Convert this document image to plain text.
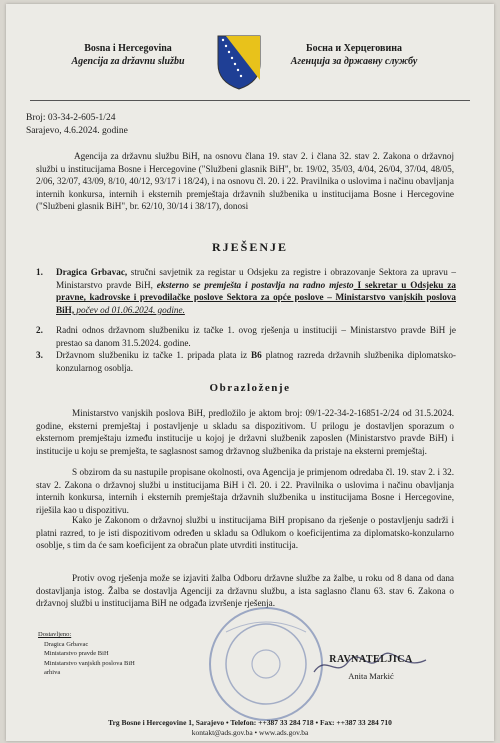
Bosna i Hercegovina
Agencija za državnu službu
Босна и Херцеговина
Агенција за државну службу
Broj: 03-34-2-605-1/24
Sarajevo, 4.6.2024. godine
Agencija za državnu službu BiH, na osnovu člana 19. stav 2. i člana 32. stav 2. Zakona o državnoj službi u institucijama Bosne i Hercegovine ("Službeni glasnik BiH", br. 19/02, 35/03, 4/04, 26/04, 37/04, 48/05, 2/06, 32/07, 43/09, 8/10, 40/12, 93/17 i 18/24), i na osnovu čl. 20. i 22. Pravilnika o uslovima i načinu obavljanja internih konkursa, internih i eksternih premještaja državnih službenika u institucijama Bosne i Hercegovine ("Službeni glasnik BiH", br. 62/10, 30/14 i 38/17), donosi
RJEŠENJE
1. Dragica Grbavac, stručni savjetnik za registar u Odsjeku za registre i obrazovanje Sektora za upravu – Ministarstvo pravde BiH, eksterno se premješta i postavlja na radno mjesto I sekretar u Odsjeku za pravne, kadrovske i prevodilačke poslove Sektora za opće poslove – Ministarstvo vanjskih poslova BiH, počev od 01.06.2024. godine.
2. Radni odnos državnom službeniku iz tačke 1. ovog rješenja u instituciji – Ministarstvo pravde BiH je prestao sa danom 31.5.2024. godine.
3. Državnom službeniku iz tačke 1. pripada plata iz B6 platnog razreda državnih službenika diplomatsko-konzularnog osoblja.
Obrazloženje
Ministarstvo vanjskih poslova BiH, predložilo je aktom broj: 09/1-22-34-2-16851-2/24 od 31.5.2024. godine, eksterni premještaj i postavljenje u skladu sa dispozitivom. U prilogu je dostavljen sporazum o eksternom premještaju između institucije u kojoj je državni službenik zaposlen (Ministarstvo pravde BiH) i institucije u koju se premješta, te saglasnost samog državnog službenika da pristaje na eksterni premještaj.
S obzirom da su nastupile propisane okolnosti, ova Agencija je primjenom odredaba čl. 19. stav 2. i 32. stav 2. Zakona o državnoj službi u institucijama BiH i čl. 20. i 22. Pravilnika o uslovima i načinu obavljanja internih konkursa, internih i eksternih premještaja državnih službenika u institucijama Bosne i Hercegovine, riješila kao u dispozitivu.
Kako je Zakonom o državnoj službi u institucijama BiH propisano da rješenje o postavljenju sadrži i platni razred, to je isti dispozitivom određen u skladu sa Odlukom o koeficijentima za diplomatsko-konzularno osoblje, s tim da će sam koeficijent za obračun plate utvrditi institucija.
Protiv ovog rješenja može se izjaviti žalba Odboru državne službe za žalbe, u roku od 8 dana od dana dostavljanja istog. Žalba se dostavlja Agenciji za državnu službu, a ista saglasno članu 63. stav 6. Zakona o državnoj službi u institucijama BiH ne odgađa izvršenje rješenja.
Dostavljeno:
Dragica Grbavac
Ministarstvo pravde BiH
Ministarstvo vanjskih poslova BiH
arhiva
RAVNATELJICA
Anita Markić
Trg Bosne i Hercegovine 1, Sarajevo • Telefon: ++387 33 284 718 • Fax: ++387 33 284 710
kontakt@ads.gov.ba • www.ads.gov.ba
